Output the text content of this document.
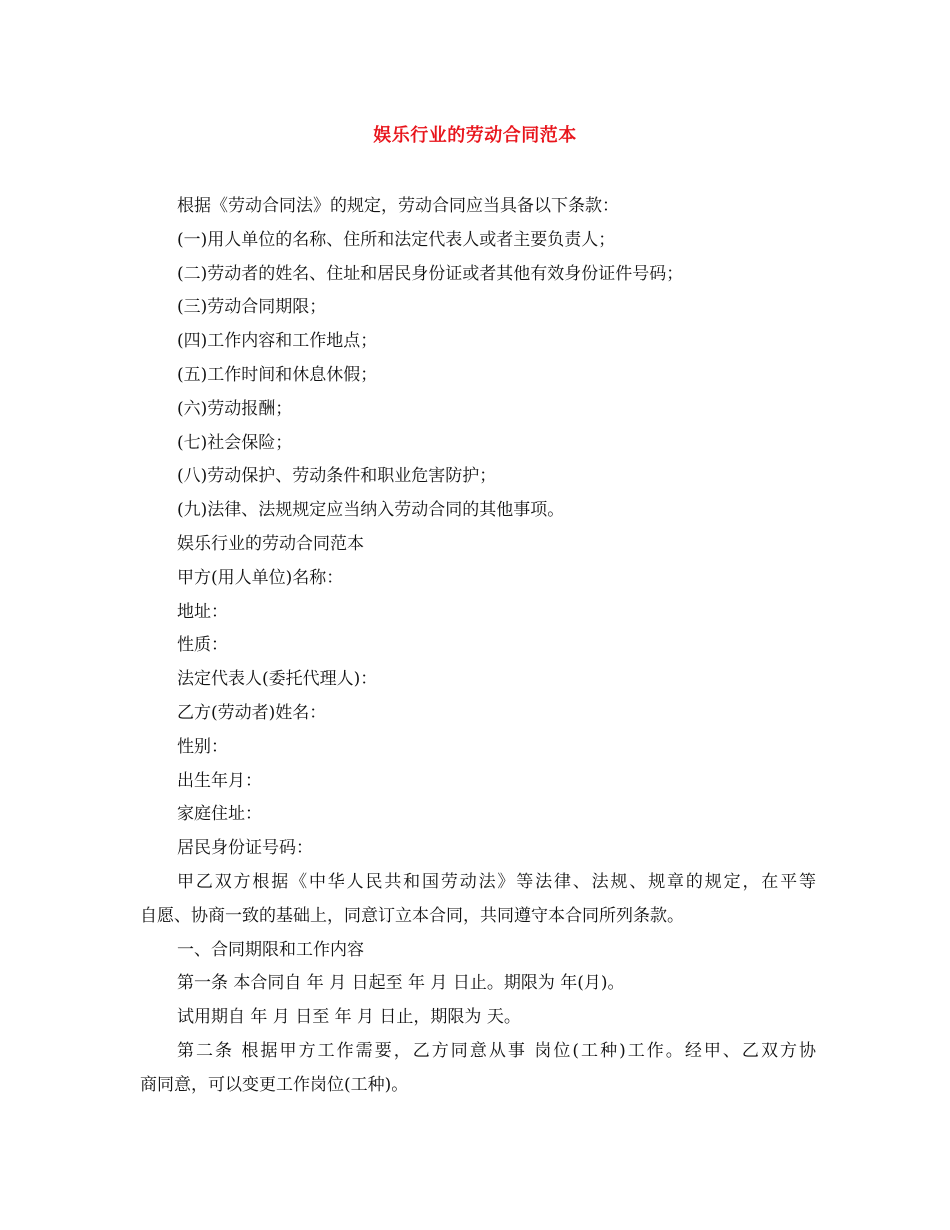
娱乐行业的劳动合同范本
根据《劳动合同法》的规定，劳动合同应当具备以下条款：
(一)用人单位的名称、住所和法定代表人或者主要负责人；
(二)劳动者的姓名、住址和居民身份证或者其他有效身份证件号码；
(三)劳动合同期限；
(四)工作内容和工作地点；
(五)工作时间和休息休假；
(六)劳动报酬；
(七)社会保险；
(八)劳动保护、劳动条件和职业危害防护；
(九)法律、法规规定应当纳入劳动合同的其他事项。
娱乐行业的劳动合同范本
甲方(用人单位)名称：
地址：
性质：
法定代表人(委托代理人)：
乙方(劳动者)姓名：
性别：
出生年月：
家庭住址：
居民身份证号码：
甲乙双方根据《中华人民共和国劳动法》等法律、法规、规章的规定，在平等
自愿、协商一致的基础上，同意订立本合同，共同遵守本合同所列条款。
一、合同期限和工作内容
第一条 本合同自 年 月 日起至 年 月 日止。期限为 年(月)。
试用期自 年 月 日至 年 月 日止，期限为 天。
第二条 根据甲方工作需要，乙方同意从事 岗位(工种)工作。经甲、乙双方协
商同意，可以变更工作岗位(工种)。
